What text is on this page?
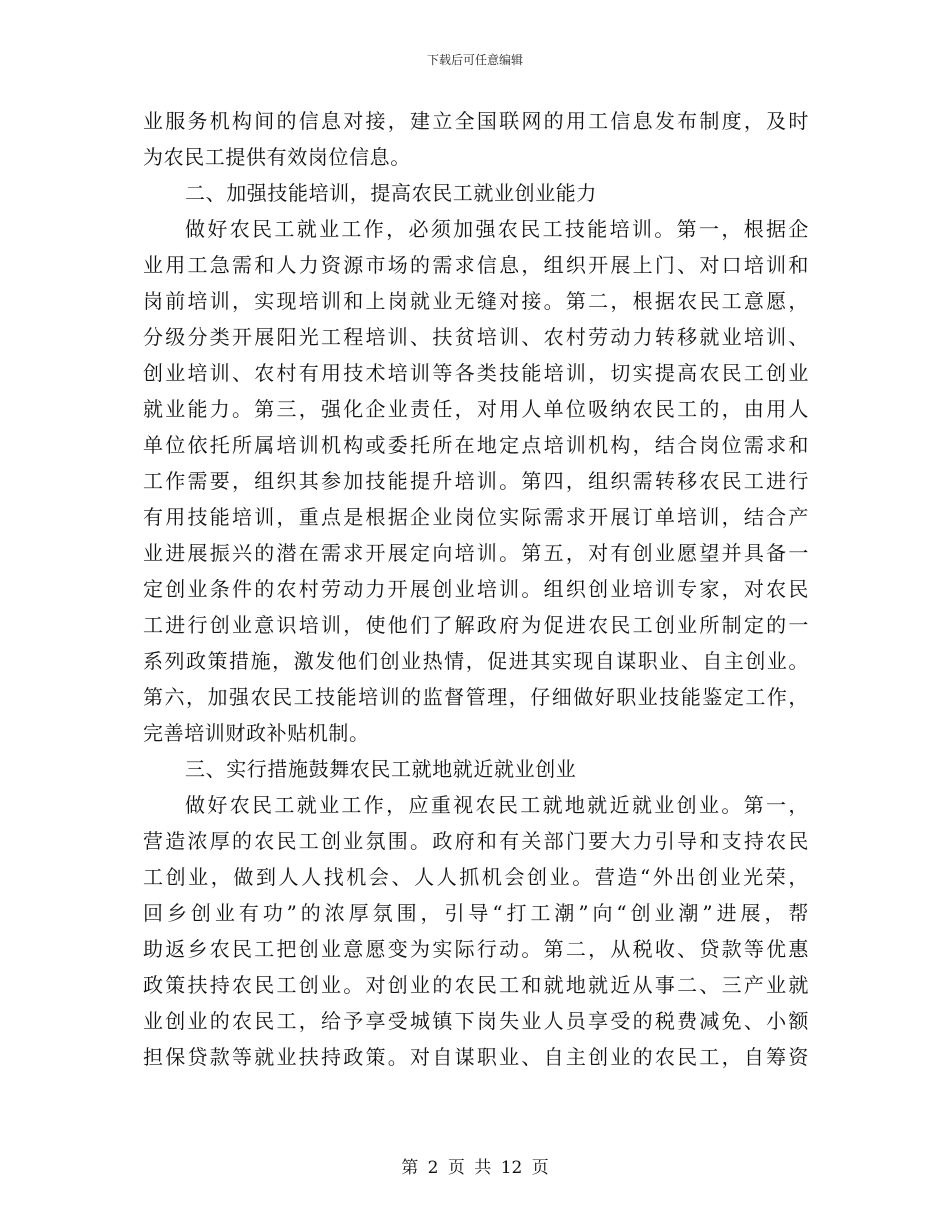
下载后可任意编辑
业服务机构间的信息对接，建立全国联网的用工信息发布制度，及时
为农民工提供有效岗位信息。
二、加强技能培训，提高农民工就业创业能力
做好农民工就业工作，必须加强农民工技能培训。第一，根据企
业用工急需和人力资源市场的需求信息，组织开展上门、对口培训和
岗前培训，实现培训和上岗就业无缝对接。第二，根据农民工意愿，
分级分类开展阳光工程培训、扶贫培训、农村劳动力转移就业培训、
创业培训、农村有用技术培训等各类技能培训，切实提高农民工创业
就业能力。第三，强化企业责任，对用人单位吸纳农民工的，由用人
单位依托所属培训机构或委托所在地定点培训机构，结合岗位需求和
工作需要，组织其参加技能提升培训。第四，组织需转移农民工进行
有用技能培训，重点是根据企业岗位实际需求开展订单培训，结合产
业进展振兴的潜在需求开展定向培训。第五，对有创业愿望并具备一
定创业条件的农村劳动力开展创业培训。组织创业培训专家，对农民
工进行创业意识培训，使他们了解政府为促进农民工创业所制定的一
系列政策措施，激发他们创业热情，促进其实现自谋职业、自主创业。
第六，加强农民工技能培训的监督管理，仔细做好职业技能鉴定工作，
完善培训财政补贴机制。
三、实行措施鼓舞农民工就地就近就业创业
做好农民工就业工作，应重视农民工就地就近就业创业。第一，
营造浓厚的农民工创业氛围。政府和有关部门要大力引导和支持农民
工创业，做到人人找机会、人人抓机会创业。营造“外出创业光荣，
回乡创业有功”的浓厚氛围，引导“打工潮”向“创业潮”进展，帮
助返乡农民工把创业意愿变为实际行动。第二，从税收、贷款等优惠
政策扶持农民工创业。对创业的农民工和就地就近从事二、三产业就
业创业的农民工，给予享受城镇下岗失业人员享受的税费减免、小额
担保贷款等就业扶持政策。对自谋职业、自主创业的农民工，自筹资
第 2 页 共 12 页
